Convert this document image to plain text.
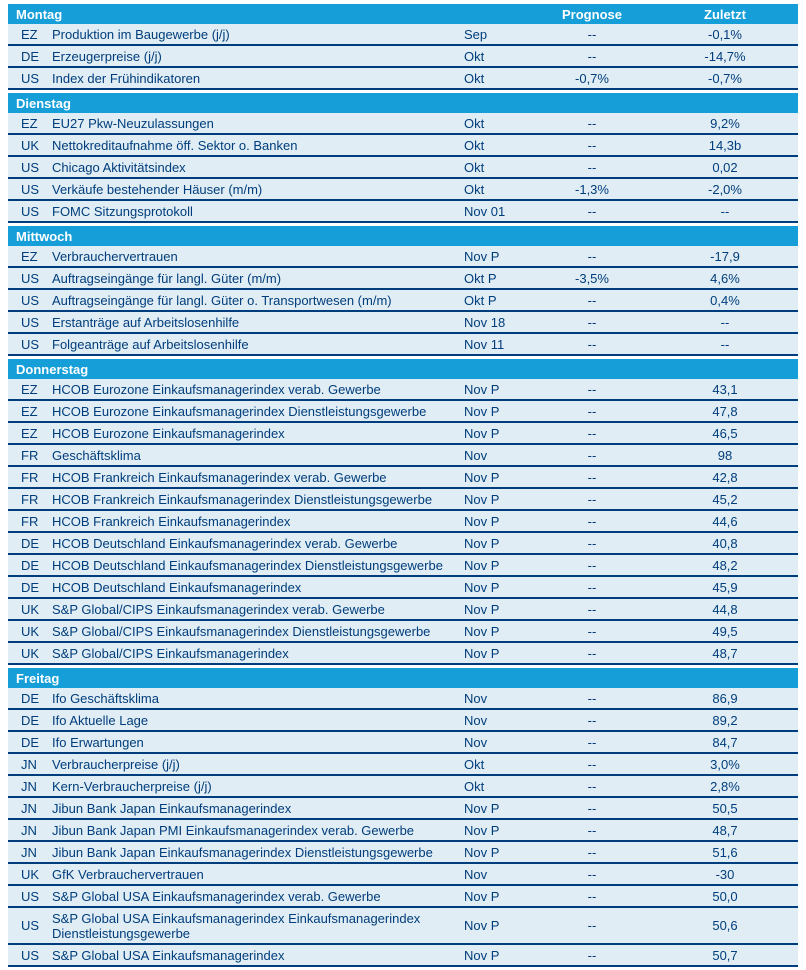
Montag	Prognose	Zuletzt
EZ	Produktion im Baugewerbe (j/j)	Sep	--	-0,1%
DE Erzeugerpreise (j/j)	Okt	--	-14,7%
US Index der Frühindikatoren	Okt	-0,7%	-0,7%
Dienstag
EZ	EU27 Pkw-Neuzulassungen	Okt	--	9,2%
UK Nettokreditaufnahme öff. Sektor o. Banken	Okt	--	14,3b
US Chicago Aktivitätsindex	Okt	--	0,02
US Verkäufe bestehender Häuser (m/m)	Okt	-1,3%	-2,0%
US FOMC Sitzungsprotokoll	Nov 01	--	--
Mittwoch
EZ	Verbrauchervertrauen	Nov P	--	-17,9
US Auftragseingänge für langl. Güter (m/m)	Okt P	-3,5%	4,6%
US Auftragseingänge für langl. Güter o. Transportwesen (m/m)	Okt P	--	0,4%
US Erstanträge auf Arbeitslosenhilfe	Nov 18	--	--
US Folgeanträge auf Arbeitslosenhilfe	Nov 11	--	--
Donnerstag
EZ	HCOB Eurozone Einkaufsmanagerindex verab. Gewerbe	Nov P	--	43,1
EZ	HCOB Eurozone Einkaufsmanagerindex Dienstleistungsgewerbe	Nov P	--	47,8
EZ	HCOB Eurozone Einkaufsmanagerindex	Nov P	--	46,5
FR	Geschäftsklima	Nov	--	98
FR	HCOB Frankreich Einkaufsmanagerindex verab. Gewerbe	Nov P	--	42,8
FR	HCOB Frankreich Einkaufsmanagerindex Dienstleistungsgewerbe	Nov P	--	45,2
FR	HCOB Frankreich Einkaufsmanagerindex	Nov P	--	44,6
DE HCOB Deutschland Einkaufsmanagerindex verab. Gewerbe	Nov P	--	40,8
DE HCOB Deutschland Einkaufsmanagerindex Dienstleistungsgewerbe	Nov P	--	48,2
DE HCOB Deutschland Einkaufsmanagerindex	Nov P	--	45,9
UK S&P Global/CIPS Einkaufsmanagerindex verab. Gewerbe	Nov P	--	44,8
UK S&P Global/CIPS Einkaufsmanagerindex Dienstleistungsgewerbe	Nov P	--	49,5
UK S&P Global/CIPS Einkaufsmanagerindex	Nov P	--	48,7
Freitag
DE Ifo Geschäftsklima	Nov	--	86,9
DE Ifo Aktuelle Lage	Nov	--	89,2
DE Ifo Erwartungen	Nov	--	84,7
JN	Verbraucherpreise (j/j)	Okt	--	3,0%
JN	Kern-Verbraucherpreise (j/j)	Okt	--	2,8%
JN	Jibun Bank Japan Einkaufsmanagerindex	Nov P	--	50,5
JN	Jibun Bank Japan PMI Einkaufsmanagerindex verab. Gewerbe	Nov P	--	48,7
JN	Jibun Bank Japan Einkaufsmanagerindex Dienstleistungsgewerbe	Nov P	--	51,6
UK GfK Verbrauchervertrauen	Nov	--	-30
US S&P Global USA Einkaufsmanagerindex verab. Gewerbe	Nov P	--	50,0
US S&P Global USA Einkaufsmanagerindex Einkaufsmanagerindex Dienstleistungsgewerbe	Nov P	--	50,6
US S&P Global USA Einkaufsmanagerindex	Nov P	--	50,7
